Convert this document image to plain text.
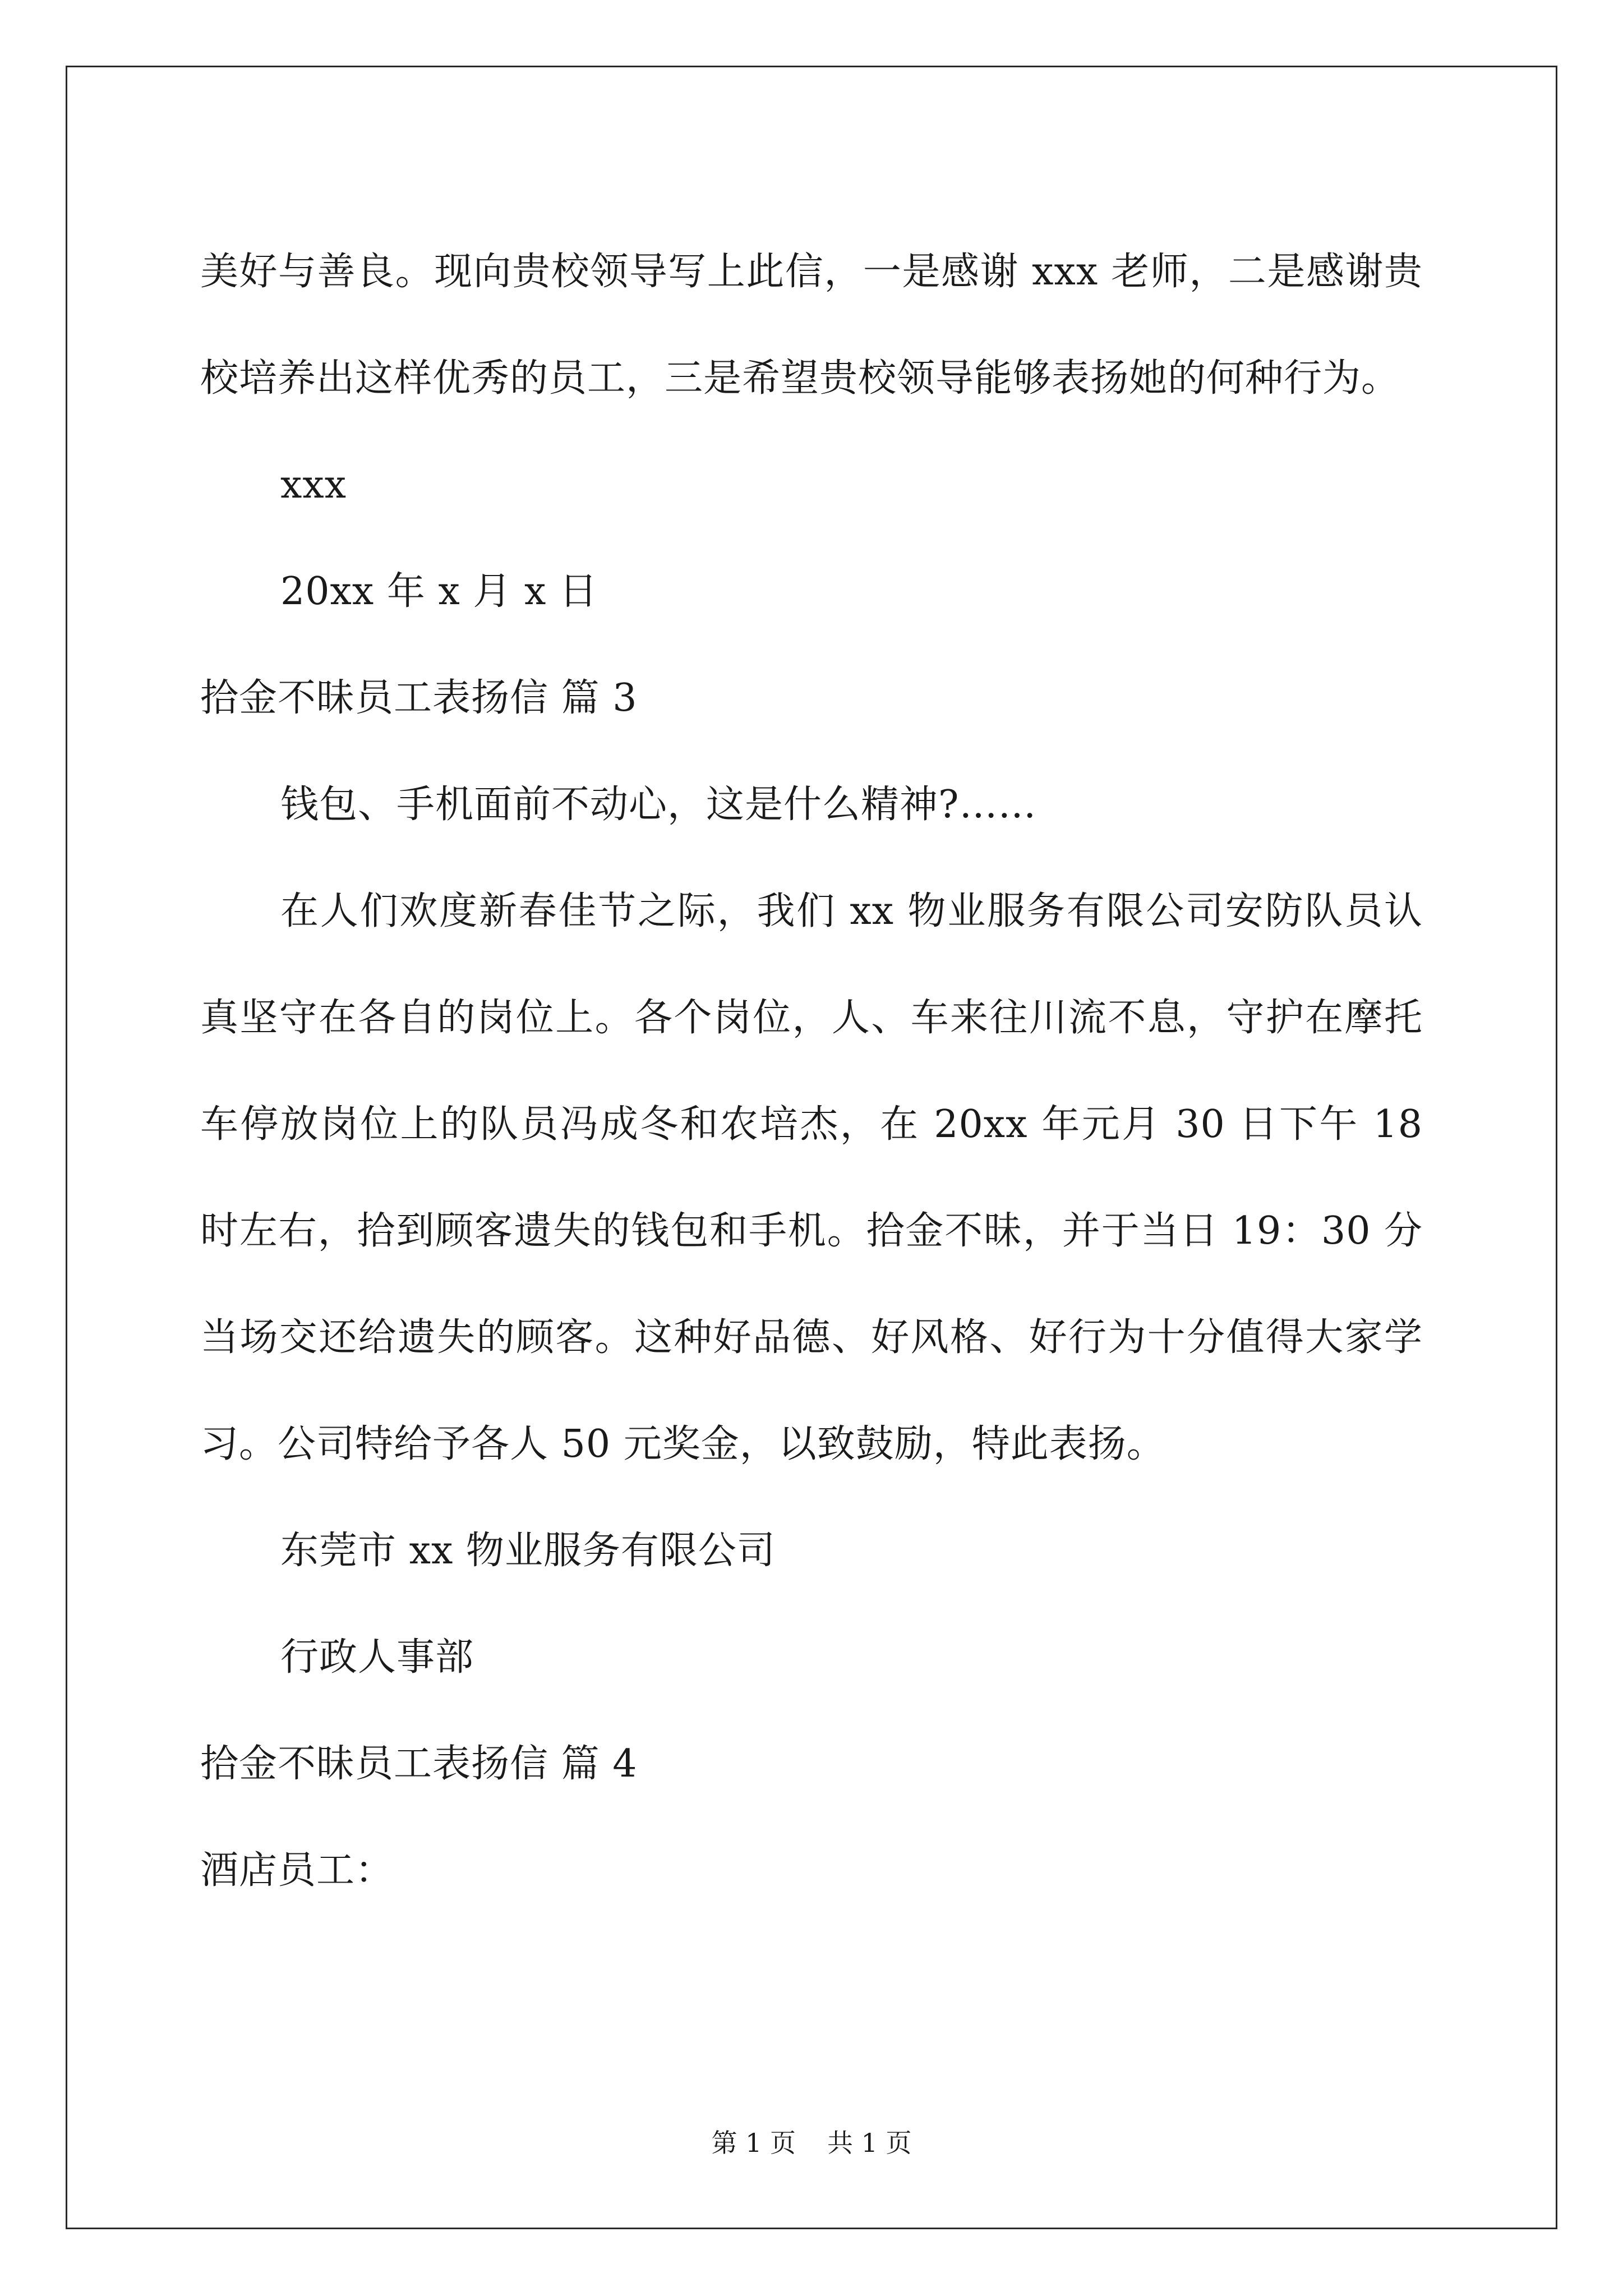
美好与善良。现向贵校领导写上此信，一是感谢 xxx 老师，二是感谢贵校培养出这样优秀的员工，三是希望贵校领导能够表扬她的何种行为。
xxx
20xx 年 x 月 x 日
拾金不昧员工表扬信 篇 3
钱包、手机面前不动心，这是什么精神?……
在人们欢度新春佳节之际，我们 xx 物业服务有限公司安防队员认真坚守在各自的岗位上。各个岗位，人、车来往川流不息，守护在摩托车停放岗位上的队员冯成冬和农培杰，在 20xx 年元月 30 日下午 18 时左右，拾到顾客遗失的钱包和手机。拾金不昧，并于当日 19：30 分当场交还给遗失的顾客。这种好品德、好风格、好行为十分值得大家学习。公司特给予各人 50 元奖金，以致鼓励，特此表扬。
东莞市 xx 物业服务有限公司
行政人事部
拾金不昧员工表扬信 篇 4
酒店员工：
第 1 页 共 1 页
